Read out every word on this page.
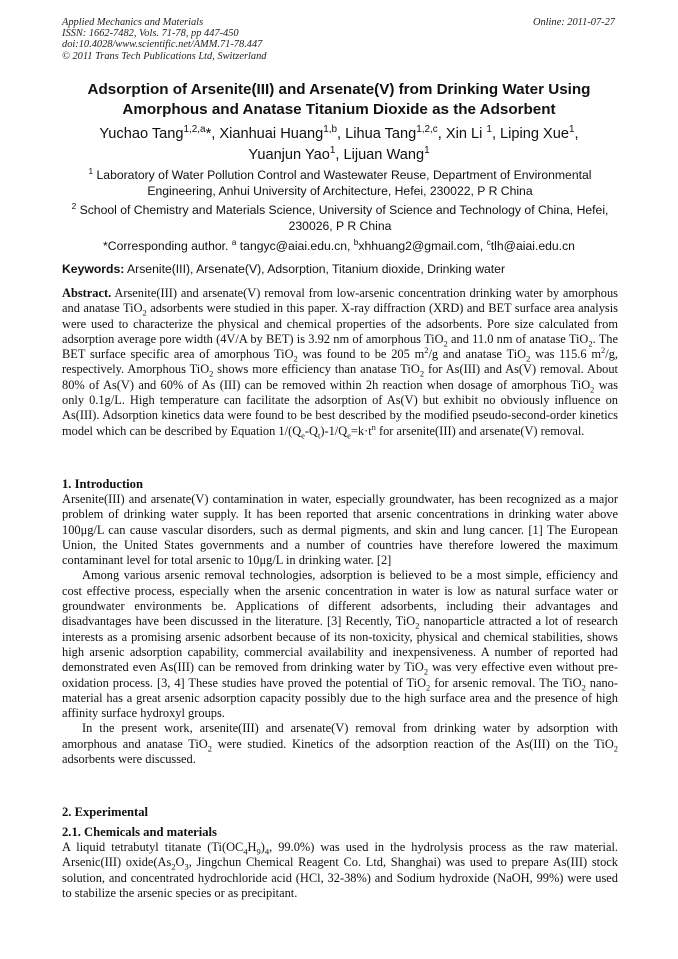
Applied Mechanics and Materials
ISSN: 1662-7482, Vols. 71-78, pp 447-450
doi:10.4028/www.scientific.net/AMM.71-78.447
© 2011 Trans Tech Publications Ltd, Switzerland
Online: 2011-07-27
Adsorption of Arsenite(III) and Arsenate(V) from Drinking Water Using
Amorphous and Anatase Titanium Dioxide as the Adsorbent
Yuchao Tang$^{1,2,a}$*, Xianhuai Huang$^{1,b}$, Lihua Tang$^{1,2,c}$, Xin Li $^1$, Liping Xue$^1$,
Yuanjun Yao$^1$, Lijuan Wang$^1$
$^1$ Laboratory of Water Pollution Control and Wastewater Reuse, Department of Environmental Engineering, Anhui University of Architecture, Hefei, 230022, P R China
$^2$ School of Chemistry and Materials Science, University of Science and Technology of China, Hefei, 230026, P R China
*Corresponding author. $^a$ tangyc@aiai.edu.cn, $^b$xhhuang2@gmail.com, $^c$tlh@aiai.edu.cn
Keywords: Arsenite(III), Arsenate(V), Adsorption, Titanium dioxide, Drinking water
Abstract. Arsenite(III) and arsenate(V) removal from low-arsenic concentration drinking water by amorphous and anatase TiO$_2$ adsorbents were studied in this paper. X-ray diffraction (XRD) and BET surface area analysis were used to characterize the physical and chemical properties of the adsorbents. Pore size calculated from adsorption average pore width (4V/A by BET) is 3.92 nm of amorphous TiO$_2$ and 11.0 nm of anatase TiO$_2$. The BET surface specific area of amorphous TiO$_2$ was found to be 205 $m^2/g$ and anatase TiO$_2$ was 115.6 $m^2/g$, respectively. Amorphous TiO$_2$ shows more efficiency than anatase TiO$_2$ for As(III) and As(V) removal. About 80% of As(V) and 60% of As (III) can be removed within 2h reaction when dosage of amorphous TiO$_2$ was only 0.1g/L. High temperature can facilitate the adsorption of As(V) but exhibit no obviously influence on As(III). Adsorption kinetics data were found to be best described by the modified pseudo-second-order kinetics model which can be described by Equation $1/(Q_e-Q_t)-1/Q_e=k\cdot t^n$ for arsenite(III) and arsenate(V) removal.
1. Introduction

Arsenite(III) and arsenate(V) contamination in water, especially groundwater, has been recognized as a major problem of drinking water supply. It has been reported that arsenic concentrations in drinking water above 100μg/L can cause vascular disorders, such as dermal pigments, and skin and lung cancer. [1] The European Union, the United States governments and a number of countries have therefore lowered the maximum contaminant level for total arsenic to 10μg/L in drinking water. [2]

Among various arsenic removal technologies, adsorption is believed to be a most simple, efficiency and cost effective process, especially when the arsenic concentration in water is low as natural surface water or groundwater environments be. Applications of different adsorbents, including their advantages and disadvantages have been discussed in the literature. [3] Recently, TiO$_2$ nanoparticle attracted a lot of research interests as a promising arsenic adsorbent because of its non-toxicity, physical and chemical stabilities, shows high arsenic adsorption capability, commercial availability and inexpensiveness. A number of reported had demonstrated even As(III) can be removed from drinking water by TiO$_2$ was very effective even without pre-oxidation process. [3, 4] These studies have proved the potential of TiO$_2$ for arsenic removal. The TiO$_2$ nano-material has a great arsenic adsorption capacity possibly due to the high surface area and the presence of high affinity surface hydroxyl groups.

In the present work, arsenite(III) and arsenate(V) removal from drinking water by adsorption with amorphous and anatase TiO$_2$ were studied. Kinetics of the adsorption reaction of the As(III) on the TiO$_2$ adsorbents were discussed.

2. Experimental
2.1. Chemicals and materials
A liquid tetrabutyl titanate ($Ti(OC_4H_9)_4$, 99.0%) was used in the hydrolysis process as the raw material. Arsenic(III) $oxide(As_2O_3$, Jingchun Chemical Reagent Co. Ltd, Shanghai) was used to prepare As(III) stock solution, and concentrated hydrochloride acid (HCl, 32-38%) and Sodium hydroxide (NaOH, 99%) were used to stabilize the arsenic species or as precipitant.
